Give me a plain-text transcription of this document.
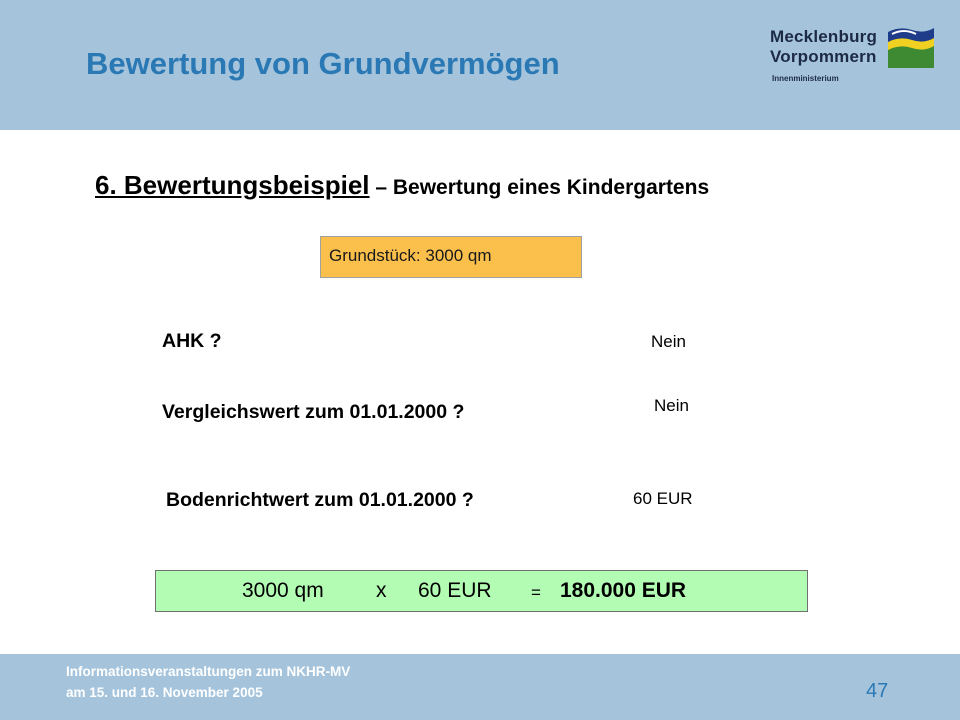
Bewertung von Grundvermögen
Mecklenburg
Vorpommern
Innenministerium
6. Bewertungsbeispiel – Bewertung eines Kindergartens
Grundstück: 3000 qm
AHK ?	Nein
Vergleichswert zum 01.01.2000 ?	Nein
Bodenrichtwert zum 01.01.2000 ?	60 EUR
3000 qm x 60 EUR = 180.000 EUR
Informationsveranstaltungen zum NKHR-MV
am 15. und 16. November 2005	47
